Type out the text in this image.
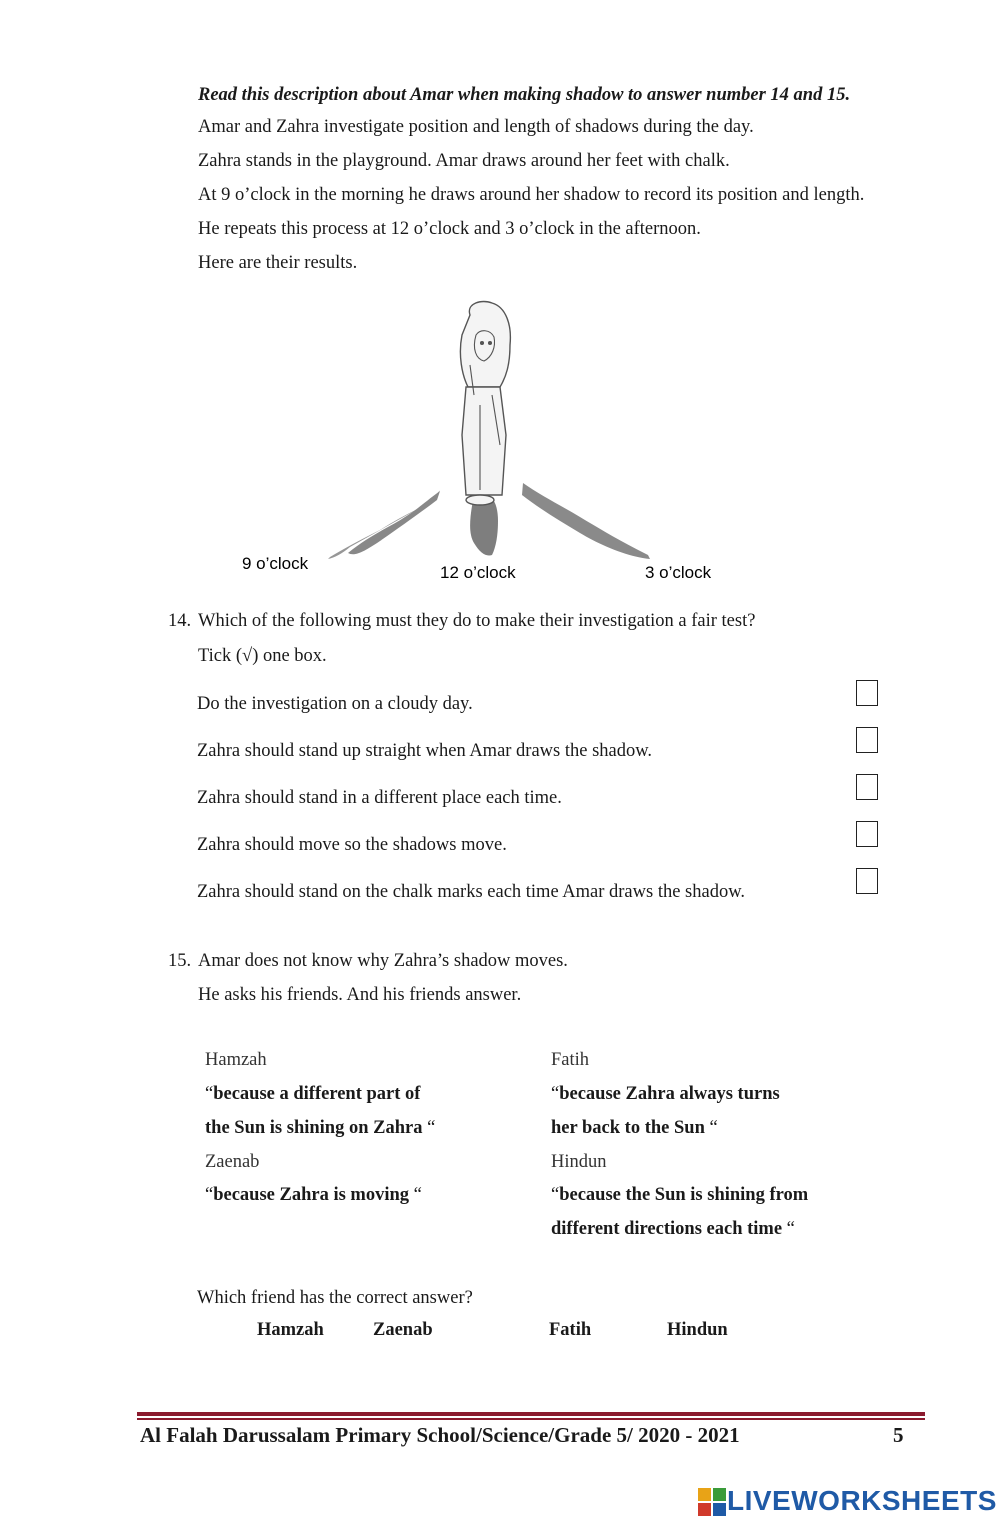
Read this description about Amar when making shadow to answer number 14 and 15.
Amar and Zahra investigate position and length of shadows during the day.
Zahra stands in the playground. Amar draws around her feet with chalk.
At 9 o’clock in the morning he draws around her shadow to record its position and length.
He repeats this process at 12 o’clock and 3 o’clock in the afternoon.
Here are their results.
9 o’clock	12 o’clock	3 o’clock
14. Which of the following must they do to make their investigation a fair test?
Tick (√) one box.
Do the investigation on a cloudy day.
Zahra should stand up straight when Amar draws the shadow.
Zahra should stand in a different place each time.
Zahra should move so the shadows move.
Zahra should stand on the chalk marks each time Amar draws the shadow.
15. Amar does not know why Zahra’s shadow moves.
He asks his friends. And his friends answer.
Hamzah
“because a different part of
the Sun is shining on Zahra “
Zaenab
“because Zahra is moving “
Fatih
“because Zahra always turns
her back to the Sun “
Hindun
“because the Sun is shining from
different directions each time “
Which friend has the correct answer?
Hamzah	Zaenab	Fatih	Hindun
Al Falah Darussalam Primary School/Science/Grade 5/ 2020 - 2021	5
LIVEWORKSHEETS
